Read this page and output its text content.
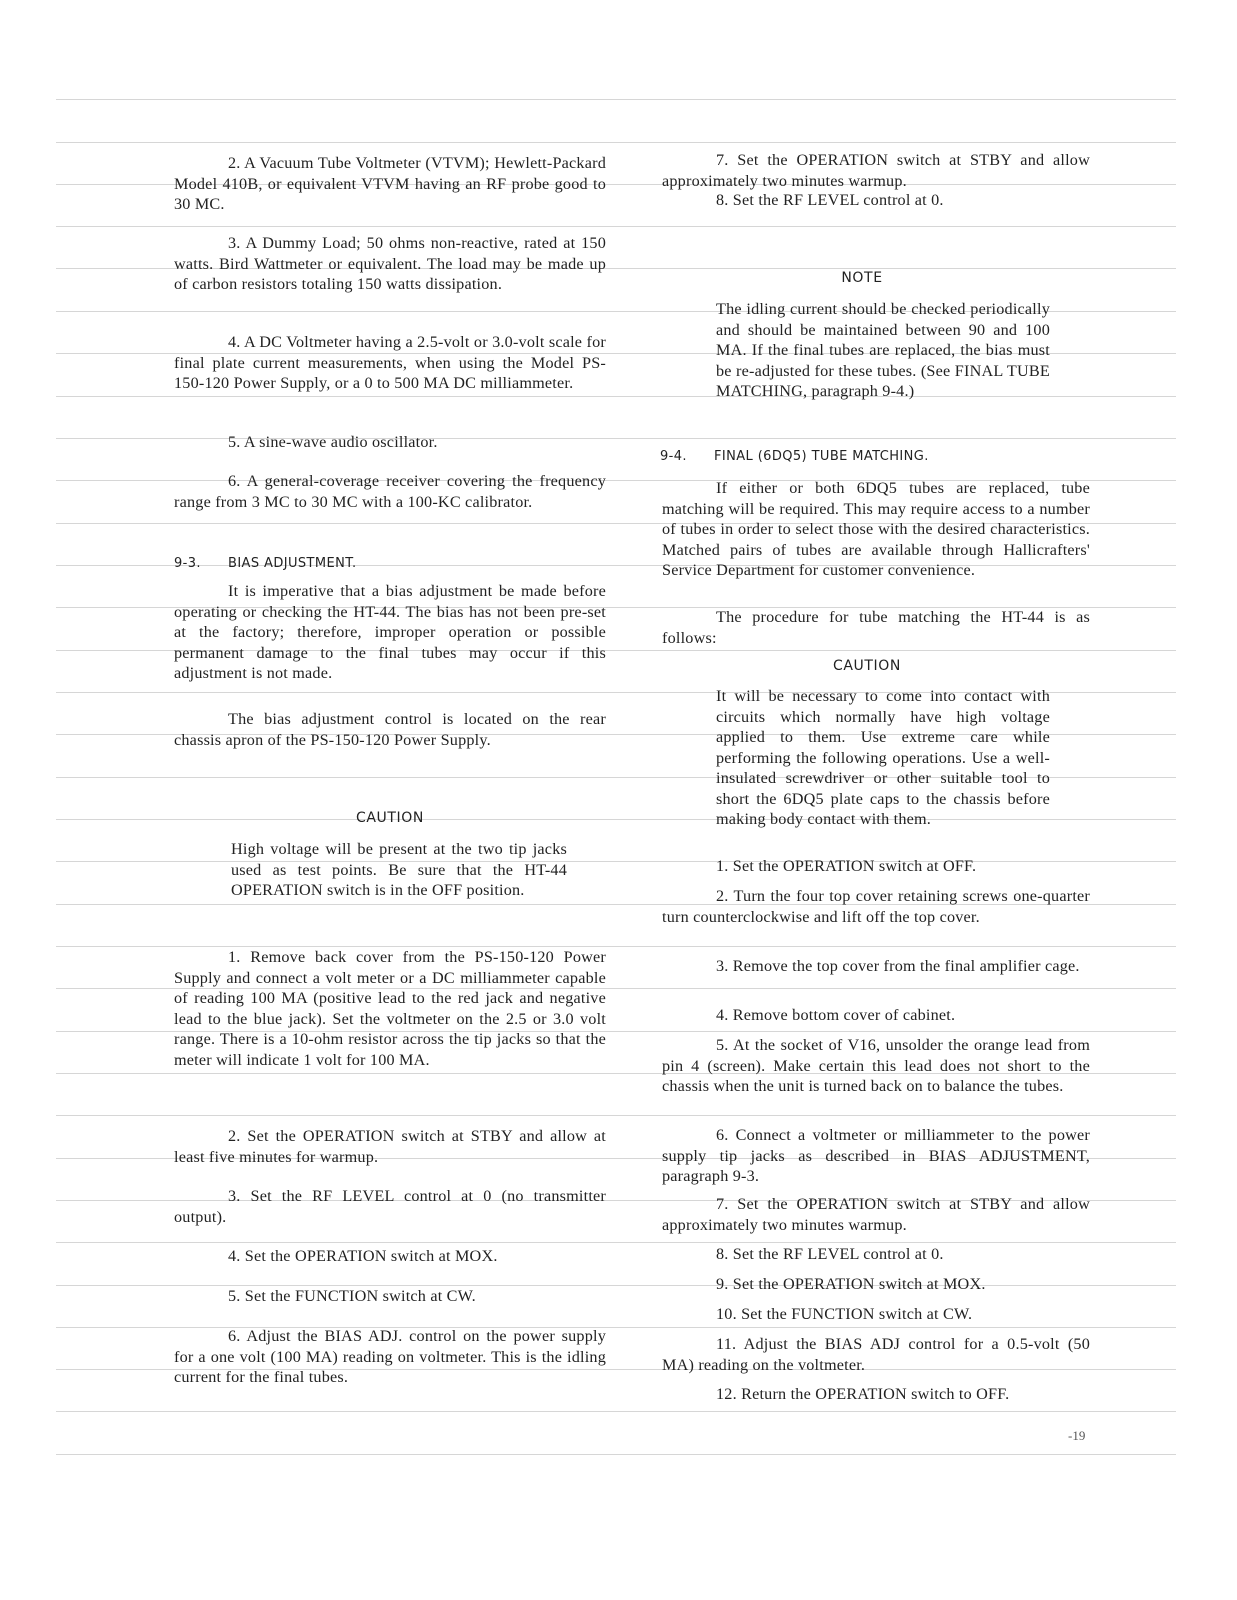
2. A Vacuum Tube Voltmeter (VTVM); Hewlett-Packard Model 410B, or equivalent VTVM having an RF probe good to 30 MC.

3. A Dummy Load; 50 ohms non-reactive, rated at 150 watts. Bird Wattmeter or equivalent. The load may be made up of carbon resistors totaling 150 watts dissipation.

4. A DC Voltmeter having a 2.5-volt or 3.0-volt scale for final plate current measurements, when using the Model PS-150-120 Power Supply, or a 0 to 500 MA DC milliammeter.

5. A sine-wave audio oscillator.

6. A general-coverage receiver covering the frequency range from 3 MC to 30 MC with a 100-KC calibrator.

9-3. BIAS ADJUSTMENT.

It is imperative that a bias adjustment be made before operating or checking the HT-44. The bias has not been pre-set at the factory; therefore, improper operation or possible permanent damage to the final tubes may occur if this adjustment is not made.

The bias adjustment control is located on the rear chassis apron of the PS-150-120 Power Supply.

CAUTION

High voltage will be present at the two tip jacks used as test points. Be sure that the HT-44 OPERATION switch is in the OFF position.

1. Remove back cover from the PS-150-120 Power Supply and connect a volt meter or a DC milliammeter capable of reading 100 MA (positive lead to the red jack and negative lead to the blue jack). Set the voltmeter on the 2.5 or 3.0 volt range. There is a 10-ohm resistor across the tip jacks so that the meter will indicate 1 volt for 100 MA.

2. Set the OPERATION switch at STBY and allow at least five minutes for warmup.

3. Set the RF LEVEL control at 0 (no transmitter output).

4. Set the OPERATION switch at MOX.

5. Set the FUNCTION switch at CW.

6. Adjust the BIAS ADJ. control on the power supply for a one volt (100 MA) reading on voltmeter. This is the idling current for the final tubes.

7. Set the OPERATION switch at STBY and allow approximately two minutes warmup.

8. Set the RF LEVEL control at 0.

NOTE

The idling current should be checked periodically and should be maintained between 90 and 100 MA. If the final tubes are replaced, the bias must be re-adjusted for these tubes. (See FINAL TUBE MATCHING, paragraph 9-4.)

9-4. FINAL (6DQ5) TUBE MATCHING.

If either or both 6DQ5 tubes are replaced, tube matching will be required. This may require access to a number of tubes in order to select those with the desired characteristics. Matched pairs of tubes are available through Hallicrafters' Service Department for customer convenience.

The procedure for tube matching the HT-44 is as follows:

CAUTION

It will be necessary to come into contact with circuits which normally have high voltage applied to them. Use extreme care while performing the following operations. Use a well-insulated screwdriver or other suitable tool to short the 6DQ5 plate caps to the chassis before making body contact with them.

1. Set the OPERATION switch at OFF.

2. Turn the four top cover retaining screws one-quarter turn counterclockwise and lift off the top cover.

3. Remove the top cover from the final amplifier cage.

4. Remove bottom cover of cabinet.

5. At the socket of V16, unsolder the orange lead from pin 4 (screen). Make certain this lead does not short to the chassis when the unit is turned back on to balance the tubes.

6. Connect a voltmeter or milliammeter to the power supply tip jacks as described in BIAS ADJUSTMENT, paragraph 9-3.

7. Set the OPERATION switch at STBY and allow approximately two minutes warmup.

8. Set the RF LEVEL control at 0.

9. Set the OPERATION switch at MOX.

10. Set the FUNCTION switch at CW.

11. Adjust the BIAS ADJ control for a 0.5-volt (50 MA) reading on the voltmeter.

12. Return the OPERATION switch to OFF.

-19
